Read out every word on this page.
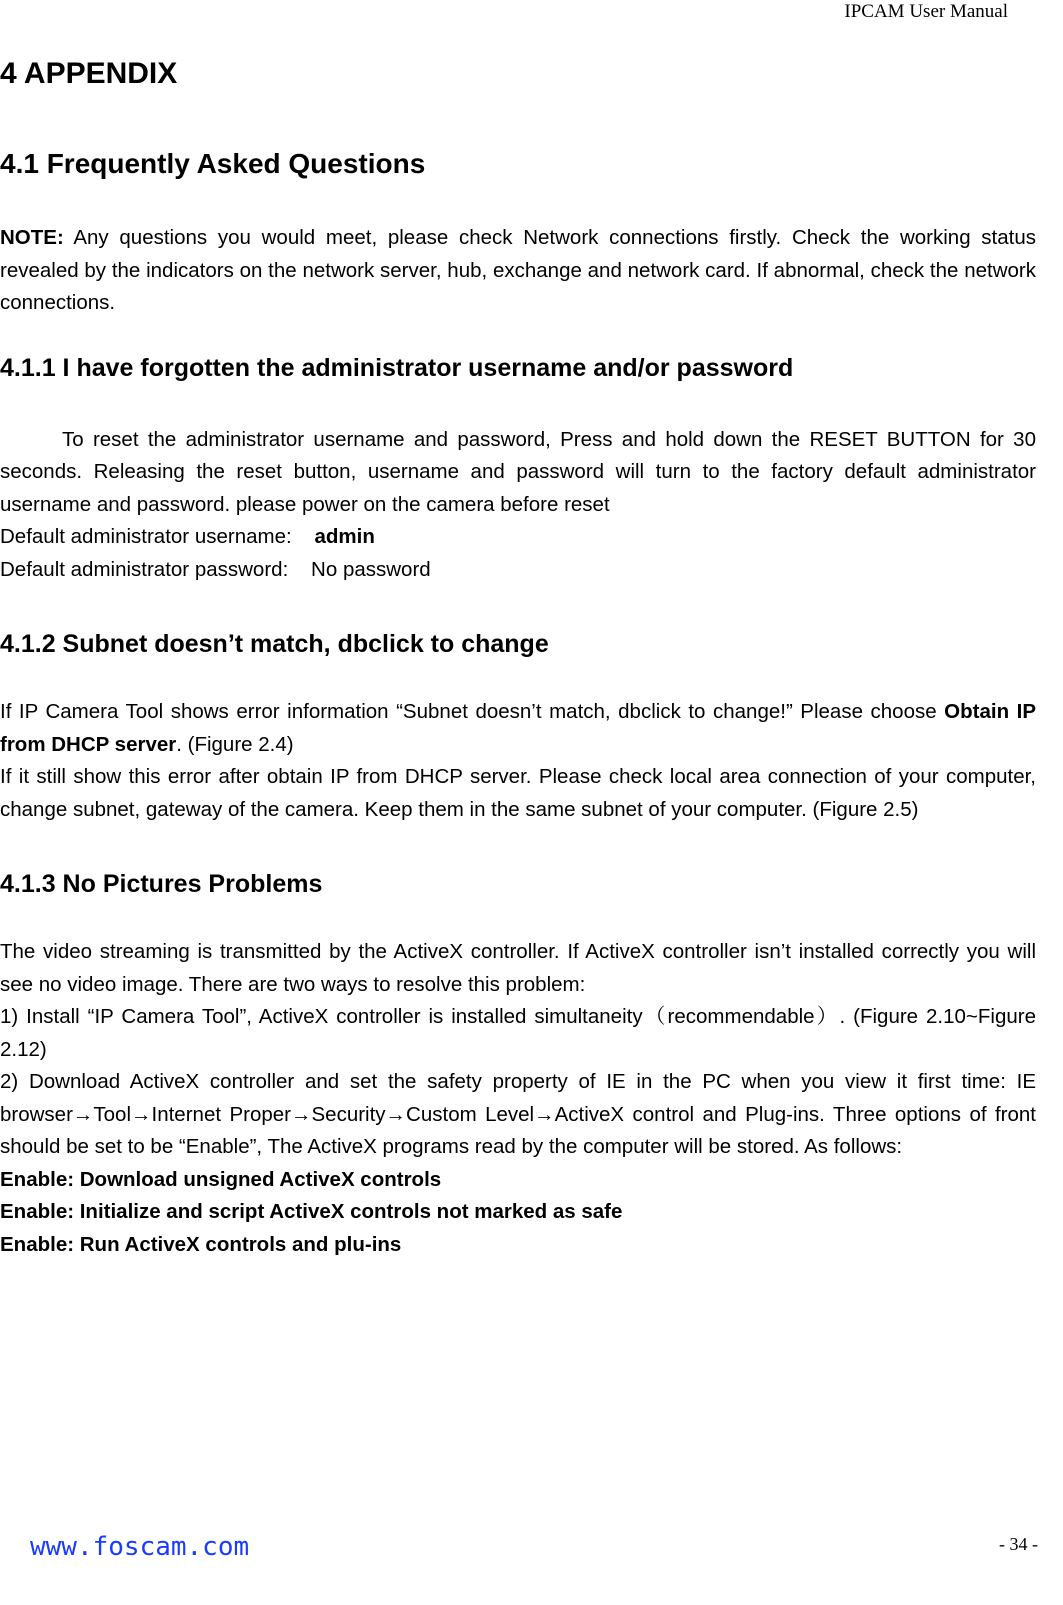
IPCAM User Manual
4 APPENDIX
4.1 Frequently Asked Questions

NOTE: Any questions you would meet, please check Network connections firstly. Check the working status revealed by the indicators on the network server, hub, exchange and network card. If abnormal, check the network connections.

4.1.1 I have forgotten the administrator username and/or password

To reset the administrator username and password, Press and hold down the RESET BUTTON for 30 seconds. Releasing the reset button, username and password will turn to the factory default administrator username and password. please power on the camera before reset

Default administrator username:    admin

Default administrator password:    No password

4.1.2 Subnet doesn’t match, dbclick to change

If IP Camera Tool shows error information “Subnet doesn’t match, dbclick to change!” Please choose Obtain IP from DHCP server. (Figure 2.4)

If it still show this error after obtain IP from DHCP server. Please check local area connection of your computer, change subnet, gateway of the camera. Keep them in the same subnet of your computer. (Figure 2.5)

4.1.3 No Pictures Problems

The video streaming is transmitted by the ActiveX controller. If ActiveX controller isn’t installed correctly you will see no video image. There are two ways to resolve this problem:

1) Install “IP Camera Tool”, ActiveX controller is installed simultaneity（recommendable）. (Figure 2.10~Figure 2.12)

2) Download ActiveX controller and set the safety property of IE in the PC when you view it first time: IE browser→Tool→Internet Proper→Security→Custom Level→ActiveX control and Plug-ins. Three options of front should be set to be “Enable”, The ActiveX programs read by the computer will be stored. As follows:

Enable: Download unsigned ActiveX controls

Enable: Initialize and script ActiveX controls not marked as safe

Enable: Run ActiveX controls and plu-ins

www.foscam.com	- 34 -
